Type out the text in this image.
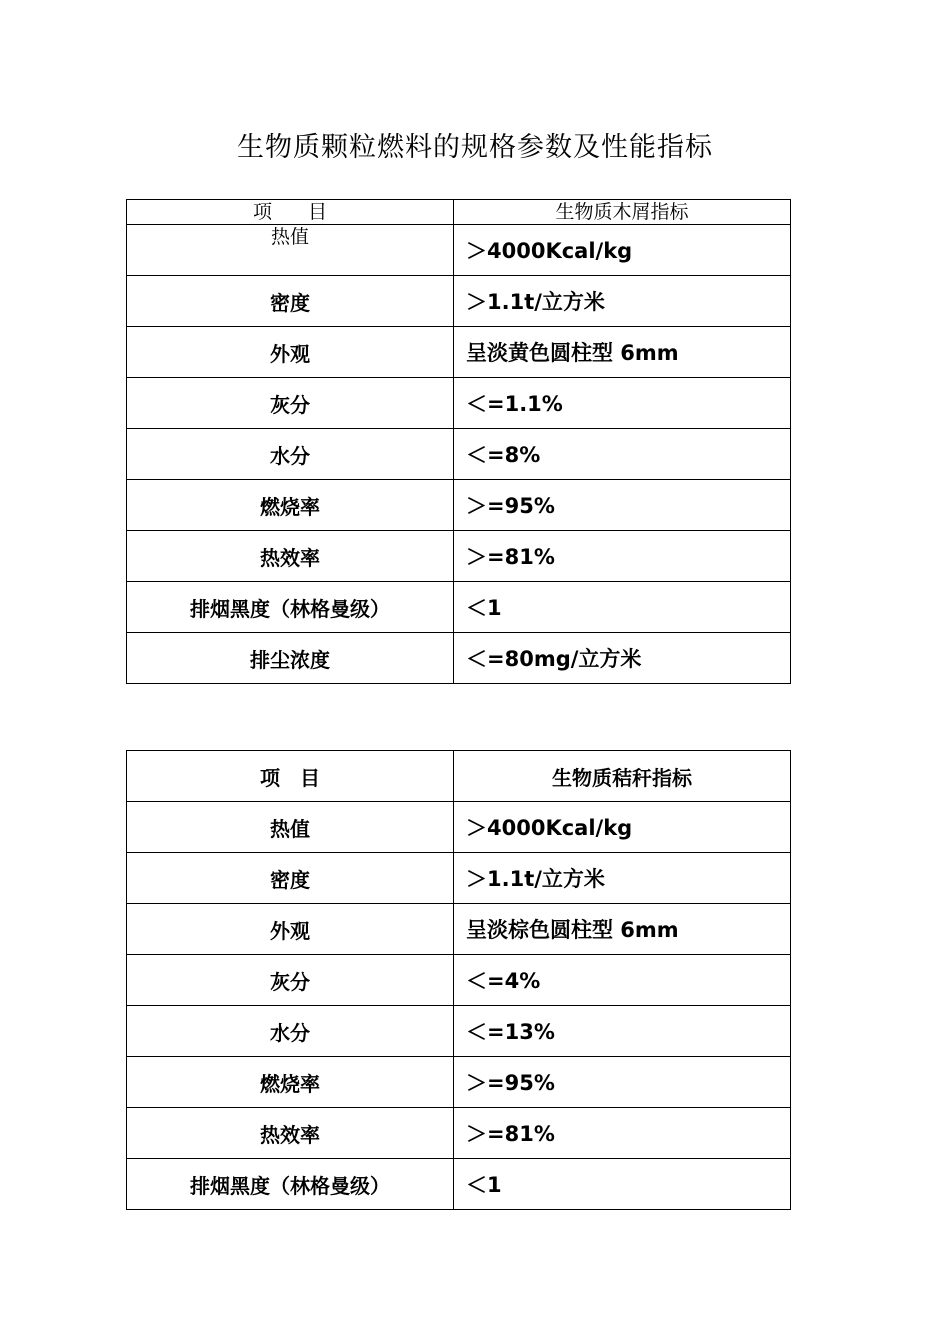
生物质颗粒燃料的规格参数及性能指标
项目	生物质木屑指标
热值	＞4000Kcal/kg
密度	＞1.1t/立方米
外观	呈淡黄色圆柱型 6mm
灰分	＜=1.1%
水分	＜=8%
燃烧率	＞=95%
热效率	＞=81%
排烟黑度（林格曼级）	＜1
排尘浓度	＜=80mg/立方米
项目	生物质秸秆指标
热值	＞4000Kcal/kg
密度	＞1.1t/立方米
外观	呈淡棕色圆柱型 6mm
灰分	＜=4%
水分	＜=13%
燃烧率	＞=95%
热效率	＞=81%
排烟黑度（林格曼级）	＜1
